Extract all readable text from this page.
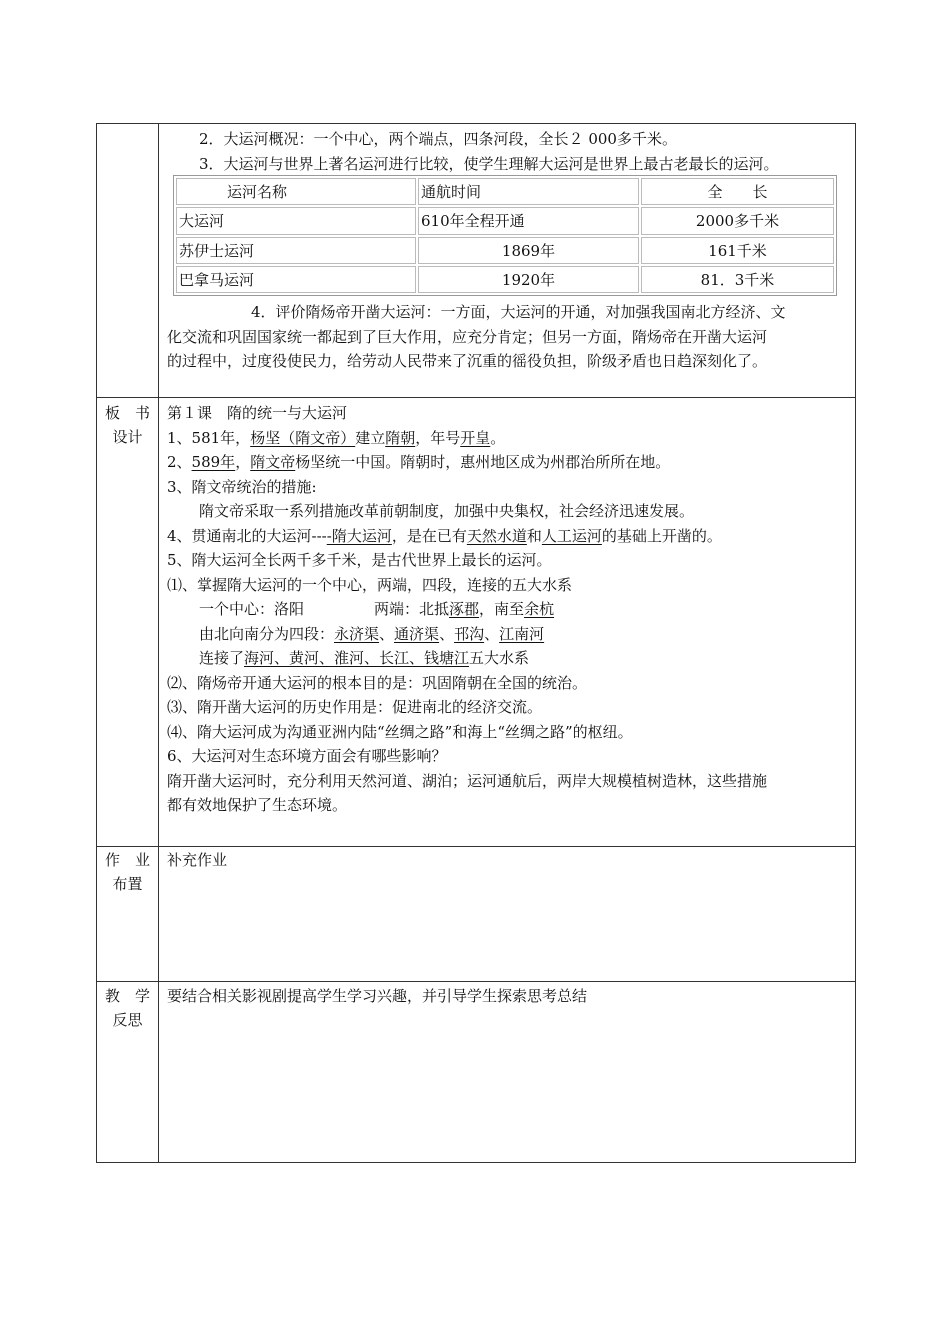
2．大运河概况：一个中心，两个端点，四条河段，全长２ 000多千米。

3．大运河与世界上著名运河进行比较，使学生理解大运河是世界上最古老最长的运河。

运河名称	通航时间	全　　长
大运河	610年全程开通	2000多千米
苏伊士运河	1869年	161千米
巴拿马运河	1920年	81．3千米

4．评价隋炀帝开凿大运河：一方面，大运河的开通，对加强我国南北方经济、文

化交流和巩固国家统一都起到了巨大作用，应充分肯定；但另一方面，隋炀帝在开凿大运河

的过程中，过度役使民力，给劳动人民带来了沉重的徭役负担，阶级矛盾也日趋深刻化了。

板　书
设计

第１课　隋的统一与大运河

1、581年，杨坚（隋文帝）建立隋朝，年号开皇。

2、589年，隋文帝杨坚统一中国。隋朝时，惠州地区成为州郡治所所在地。

3、隋文帝统治的措施:

隋文帝采取一系列措施改革前朝制度，加强中央集权，社会经济迅速发展。

4、贯通南北的大运河----隋大运河，是在已有天然水道和人工运河的基础上开凿的。

5、隋大运河全长两千多千米，是古代世界上最长的运河。

⑴、掌握隋大运河的一个中心，两端，四段，连接的五大水系

一个中心：洛阳	两端：北抵涿郡，南至余杭

由北向南分为四段：永济渠、通济渠、邗沟、江南河

连接了海河、黄河、淮河、长江、钱塘江五大水系

⑵、隋炀帝开通大运河的根本目的是：巩固隋朝在全国的统治。

⑶、隋开凿大运河的历史作用是：促进南北的经济交流。

⑷、隋大运河成为沟通亚洲内陆“丝绸之路”和海上“丝绸之路”的枢纽。

6、大运河对生态环境方面会有哪些影响？

隋开凿大运河时，充分利用天然河道、湖泊；运河通航后，两岸大规模植树造林，这些措施

都有效地保护了生态环境。

作　业
布置

补充作业

教　学
反思

要结合相关影视剧提高学生学习兴趣，并引导学生探索思考总结
